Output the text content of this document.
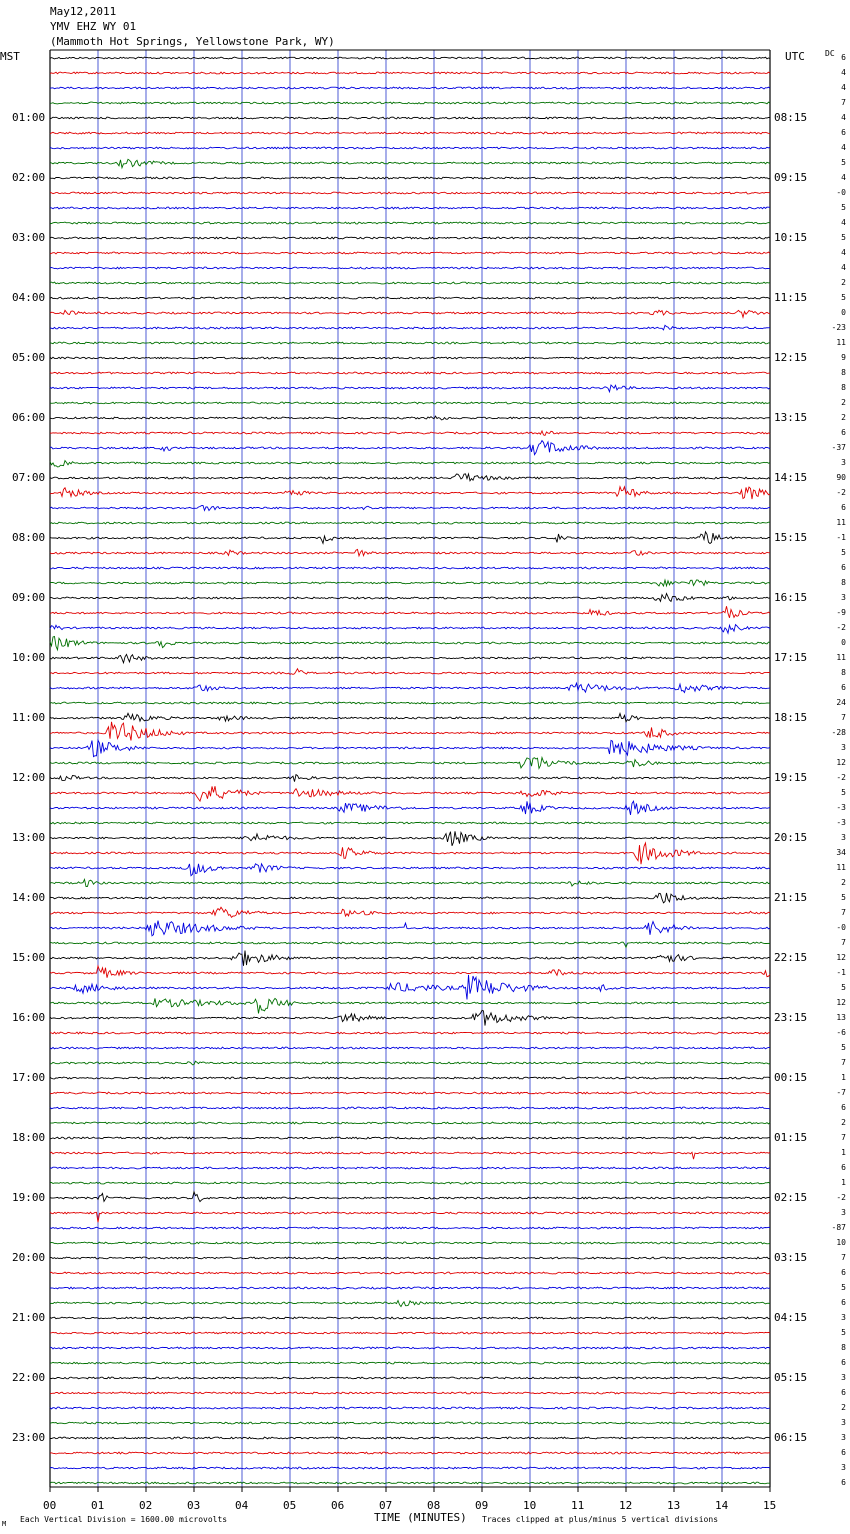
May12,2011
YMV EHZ WY 01
(Mammoth Hot Springs, Yellowstone Park, WY)
MST	UTC	DC
01:00
02:00
03:00
04:00
05:00
06:00
07:00
08:00
09:00
10:00
11:00
12:00
13:00
14:00
15:00
16:00
17:00
18:00
19:00
20:00
21:00
22:00
23:00
08:15
09:15
10:15
11:15
12:15
13:15
14:15
15:15
16:15
17:15
18:15
19:15
20:15
21:15
22:15
23:15
00:15
01:15
02:15
03:15
04:15
05:15
06:15
6
4
4
7
4
6
4
5
4
-0
5
4
5
4
4
2
5
0
-23
11
9
8
8
2
2
6
-37
3
90
-2
6
11
-1
5
6
8
3
-9
-2
0
11
8
6
24
7
-28
3
12
-2
5
-3
-3
3
34
11
2
5
7
-0
7
12
-1
5
12
13
-6
5
7
1
-7
6
2
7
1
6
1
-2
3
-87
10
7
6
5
6
3
5
8
6
3
6
2
3
3
6
3
6
00	01	02	03	04	05	06	07	08	09	10	11	12	13	14	15
TIME (MINUTES)
M Each Vertical Division = 1600.00 microvolts	Traces clipped at plus/minus 5 vertical divisions
